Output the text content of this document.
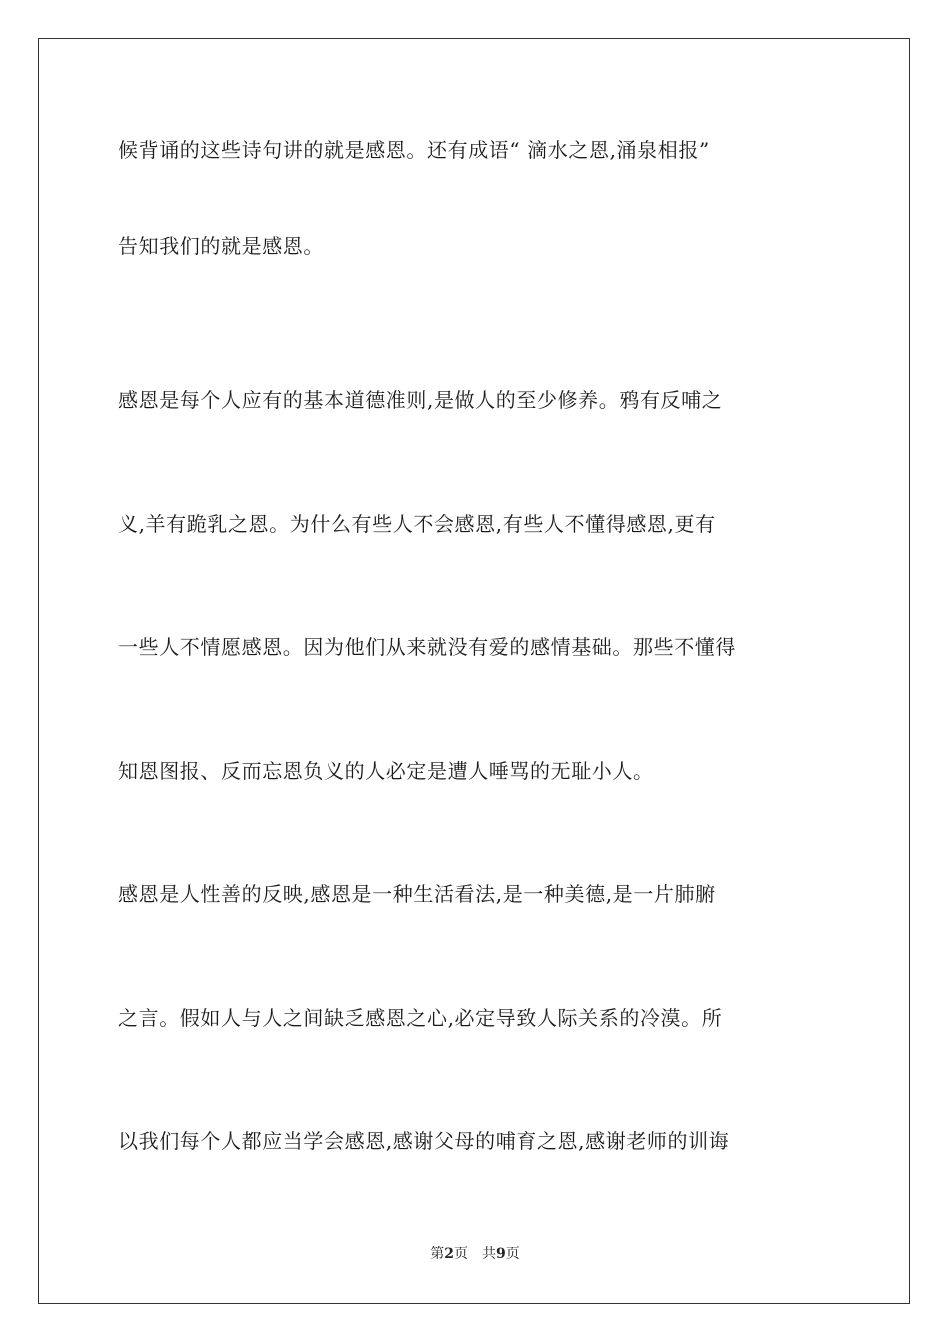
候背诵的这些诗句讲的就是感恩。还有成语“ 滴水之恩,涌泉相报”
告知我们的就是感恩。
感恩是每个人应有的基本道德准则,是做人的至少修养。鸦有反哺之
义,羊有跪乳之恩。为什么有些人不会感恩,有些人不懂得感恩,更有
一些人不情愿感恩。因为他们从来就没有爱的感情基础。那些不懂得
知恩图报、反而忘恩负义的人必定是遭人唾骂的无耻小人。
感恩是人性善的反映,感恩是一种生活看法,是一种美德,是一片肺腑
之言。假如人与人之间缺乏感恩之心,必定导致人际关系的冷漠。所
以我们每个人都应当学会感恩,感谢父母的哺育之恩,感谢老师的训诲
第2页 共9页
